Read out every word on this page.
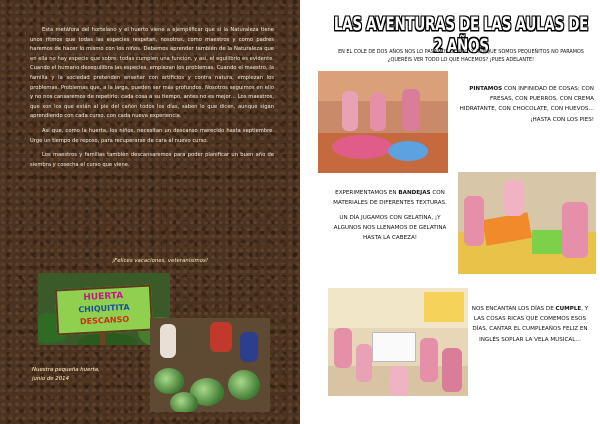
Esta metáfora del hortelano y el huerto viene a ejemplificar que si la Naturaleza tiene unos ritmos que todas las especies respetan, nosotros, como maestros y como padres haremos de hacer lo mismo con los niños. Debemos aprender también de la Naturaleza que en ella no hay especie que sobre: todas cumplen una función, y así, el equilibrio es evidente. Cuando el humano desequilibra las especies, empiezan los problemas. Cuando el maestro, la familia y la sociedad pretenden enseñar con artificios y contra natura, empiezan los problemas. Problemas que, a la larga, pueden ser más profundos. Nosotros seguimos en ello y no nos cansaremos de repetirlo: cada cosa a su tiempo, antes no es mejor… Los maestros, que son los que están al pie del cañón todos los días, saben lo que dicen, aunque sigan aprendiendo con cada curso, con cada nueva experiencia.

Así que, como la huerta, los niños, necesitan un descanso merecido hasta septiembre. Urge un tiempo de reposo, para recuperarse de cara al nuevo curso.

Los maestros y familias también descansaremos para poder planificar un buen año de siembra y cosecha el curso que viene.

¡Felices vacaciones, veteranísimos!
HUERTA
CHIQUITITA
DESCANSO
Nuestra pequeña huerta,
junio de 2014
LAS AVENTURAS DE LAS AULAS DE 2 AÑOS
EN EL COLE DE DOS AÑOS NOS LO PASAMOS GENIAL, Y AUNQUE SOMOS PEQUEÑITOS NO PARAMOS ¿QUERÉIS VER TODO LO QUE HACEMOS? ¡PUES ADELANTE!
PINTAMOS CON INFINIDAD DE COSAS: CON FRESAS, CON PUERROS, CON CREMA HIDRATANTE, CON CHOCOLATE, CON HUEVOS… ¡HASTA CON LOS PIES!
EXPERIMENTAMOS EN BANDEJAS CON MATERIALES DE DIFERENTES TEXTURAS.
UN DÍA JUGAMOS CON GELATINA, ¡Y ALGUNOS NOS LLENAMOS DE GELATINA HASTA LA CABEZA!
NOS ENCANTAN LOS DÍAS DE CUMPLE, Y LAS COSAS RICAS QUE COMEMOS ESOS DÍAS, CANTAR EL CUMPLEAÑOS FELIZ EN INGLÉS SOPLAR LA VELA MUSICAL…
